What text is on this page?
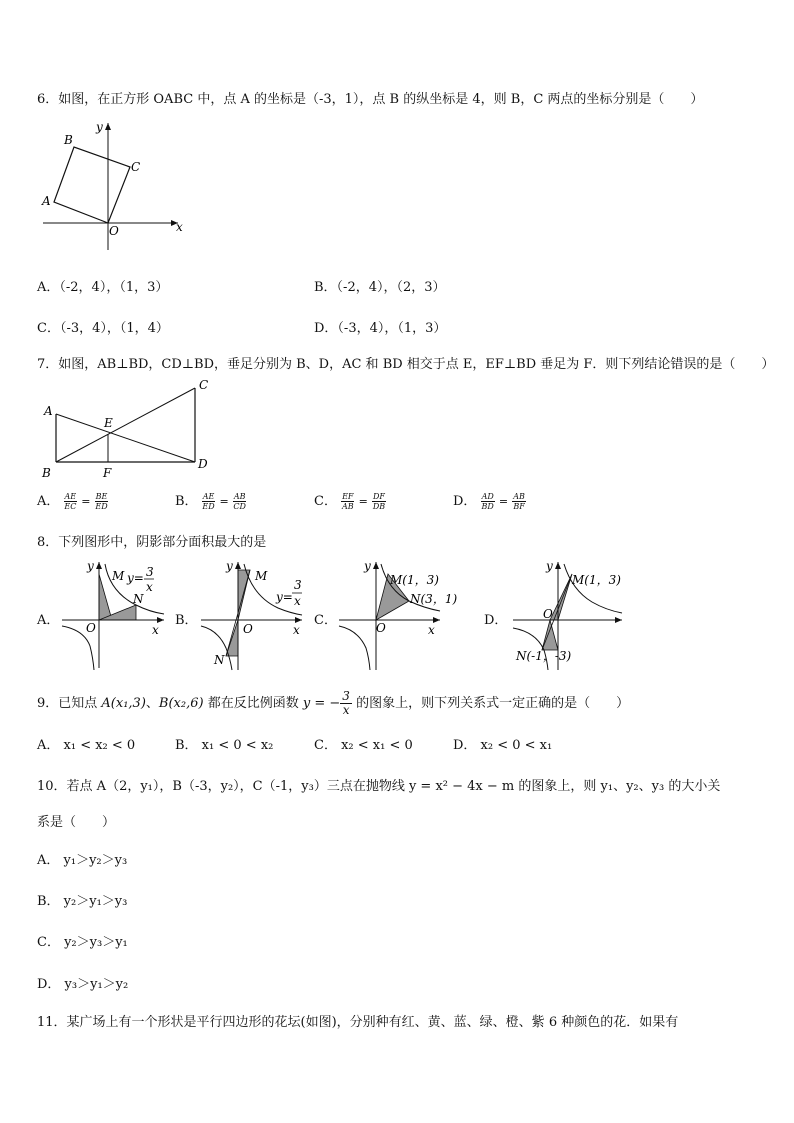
6．如图，在正方形 OABC 中，点 A 的坐标是（-3，1），点 B 的纵坐标是 4，则 B，C 两点的坐标分别是（　　）
y
x
B
C
A
O
A．（-2，4），（1，3）	B．（-2，4），（2，3）
C．（-3，4），（1，4）	D．（-3，4），（1，3）
7．如图，AB⊥BD，CD⊥BD，垂足分别为 B、D，AC 和 BD 相交于点 E，EF⊥BD 垂足为 F．则下列结论错误的是（　　）
A
C
E
B	F
D
A． $\frac{AE}{EC} = \frac{BE}{ED}$	B． $\frac{AE}{ED} = \frac{AB}{CD}$	C． $\frac{EF}{AB} = \frac{DF}{DB}$	D． $\frac{AD}{BD} = \frac{AB}{BF}$
8．下列图形中，阴影部分面积最大的是
A．	B．	C．	D．
y
M y= 3
x
N
O	x
y
M
y=
3
x
O
N
x
y
M(1，3)
N(3，1)
O	x
y
M(1，3)
O
N(-1，-3)
9．已知点 A(x₁,3)、B(x₂,6) 都在反比例函数 y = − $\frac{3}{x}$ 的图象上，则下列关系式一定正确的是（　　）
A． x₁ < x₂ < 0	B． x₁ < 0 < x₂	C． x₂ < x₁ < 0	D． x₂ < 0 < x₁
10．若点 A（2，y₁），B（-3，y₂），C（-1，y₃）三点在抛物线 y = x² − 4x − m 的图象上，则 y₁、y₂、y₃ 的大小关
系是（　　）
A． y₁＞y₂＞y₃
B． y₂＞y₁＞y₃
C． y₂＞y₃＞y₁
D． y₃＞y₁＞y₂
11．某广场上有一个形状是平行四边形的花坛(如图)，分别种有红、黄、蓝、绿、橙、紫 6 种颜色的花．如果有
